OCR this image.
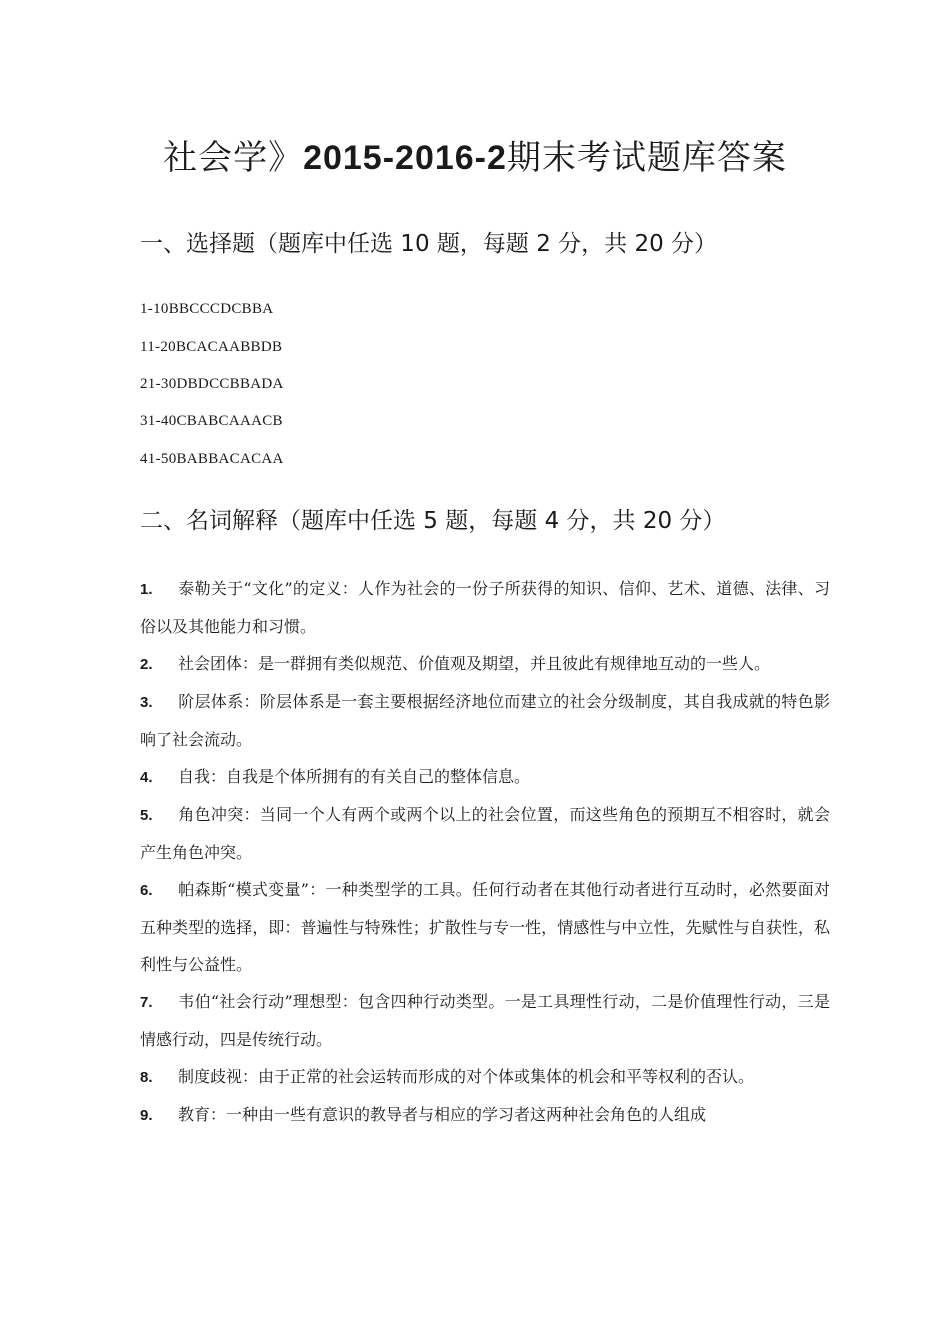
社会学》2015-2016-2期末考试题库答案
一、选择题（题库中任选 10 题，每题 2 分，共 20 分）
1-10BBCCCDCBBA
11-20BCACAABBDB
21-30DBDCCBBADA
31-40CBABCAAACB
41-50BABBACACAA
二、名词解释（题库中任选 5 题，每题 4 分，共 20 分）
1. 泰勒关于“文化”的定义：人作为社会的一份子所获得的知识、信仰、艺术、道德、法律、习俗以及其他能力和习惯。
2. 社会团体：是一群拥有类似规范、价值观及期望，并且彼此有规律地互动的一些人。
3. 阶层体系：阶层体系是一套主要根据经济地位而建立的社会分级制度，其自我成就的特色影响了社会流动。
4. 自我：自我是个体所拥有的有关自己的整体信息。
5. 角色冲突：当同一个人有两个或两个以上的社会位置，而这些角色的预期互不相容时，就会产生角色冲突。
6. 帕森斯“模式变量”：一种类型学的工具。任何行动者在其他行动者进行互动时，必然要面对五种类型的选择，即：普遍性与特殊性；扩散性与专一性，情感性与中立性，先赋性与自获性，私利性与公益性。
7. 韦伯“社会行动”理想型：包含四种行动类型。一是工具理性行动，二是价值理性行动，三是情感行动，四是传统行动。
8. 制度歧视：由于正常的社会运转而形成的对个体或集体的机会和平等权利的否认。
9. 教育：一种由一些有意识的教导者与相应的学习者这两种社会角色的人组成
